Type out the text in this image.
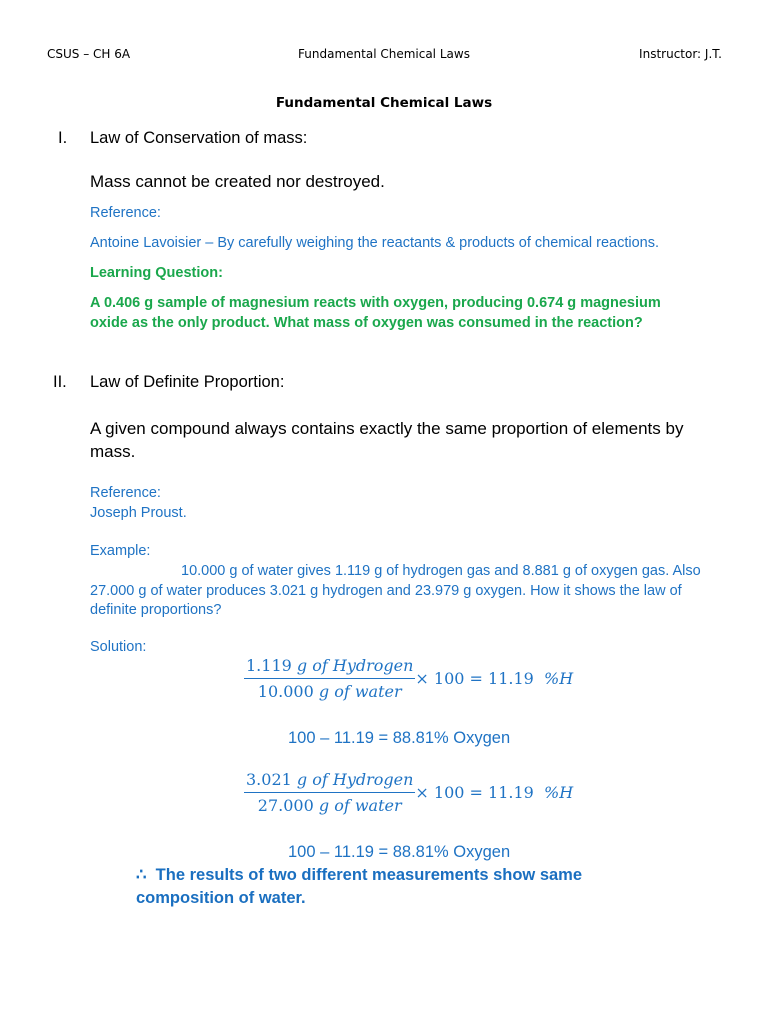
CSUS – CH 6A	Fundamental Chemical Laws	Instructor: J.T.
Fundamental Chemical Laws
I. Law of Conservation of mass:
Mass cannot be created nor destroyed.
Reference:
Antoine Lavoisier – By carefully weighing the reactants & products of chemical reactions.
Learning Question:
A 0.406 g sample of magnesium reacts with oxygen, producing 0.674 g magnesium oxide as the only product. What mass of oxygen was consumed in the reaction?
II. Law of Definite Proportion:
A given compound always contains exactly the same proportion of elements by mass.
Reference:
Joseph Proust.
Example:
10.000 g of water gives 1.119 g of hydrogen gas and 8.881 g of oxygen gas. Also 27.000 g of water produces 3.021 g hydrogen and 23.979 g oxygen. How it shows the law of definite proportions?
Solution:
$\frac{\text{1.119 g of Hydrogen}}{\text{10.000 g of water}} \times 100 = 11.19$ %H
100 – 11.19 = 88.81% Oxygen
$\frac{\text{3.021 g of Hydrogen}}{\text{27.000 g of water}} \times 100 = 11.19$ %H
100 – 11.19 = 88.81% Oxygen
∴ The results of two different measurements show same composition of water.
